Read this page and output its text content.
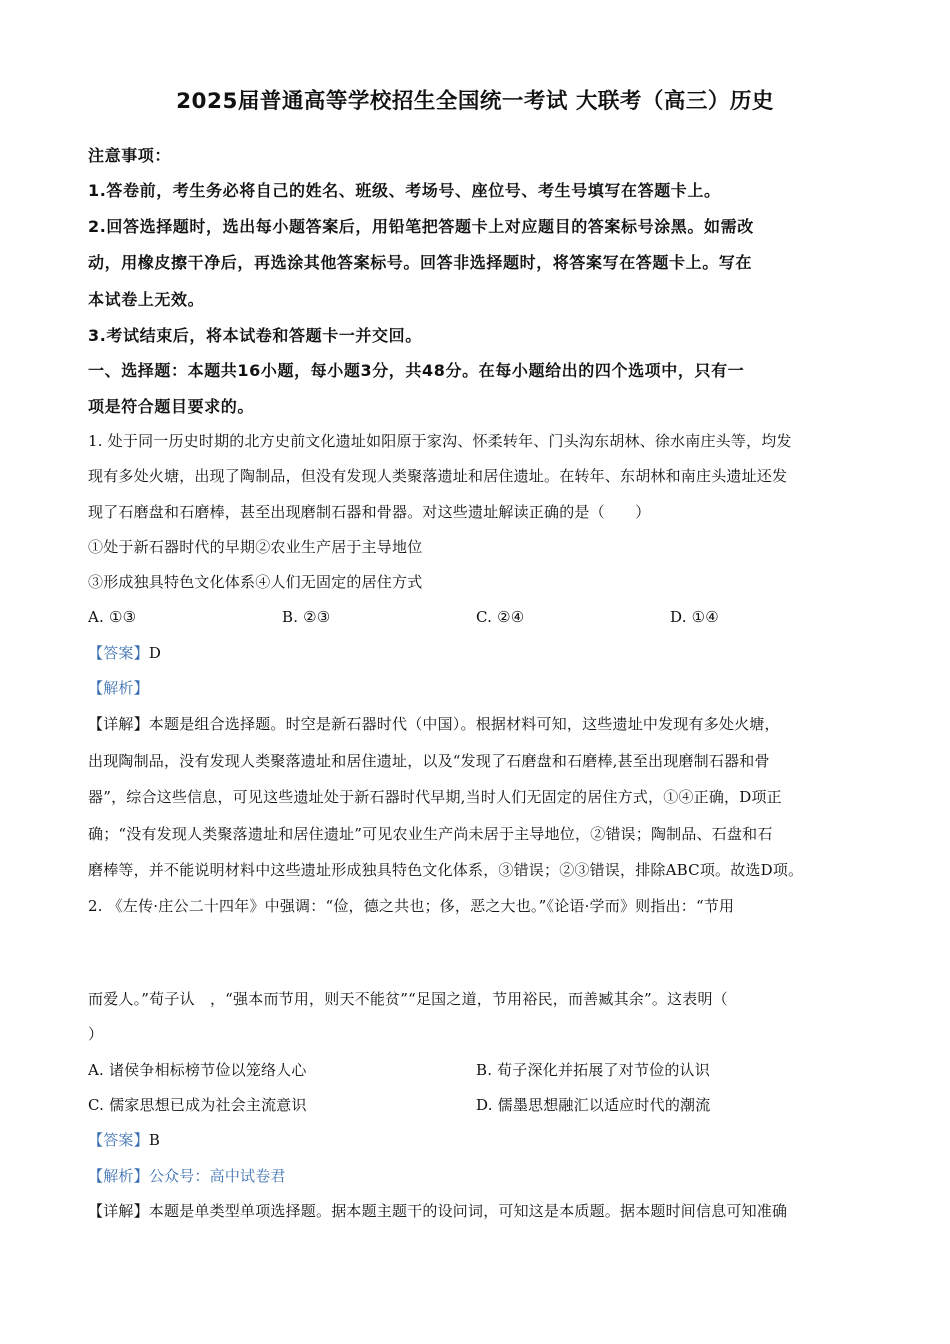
2025届普通高等学校招生全国统一考试 大联考（高三）历史
注意事项：
1.答卷前，考生务必将自己的姓名、班级、考场号、座位号、考生号填写在答题卡上。
2.回答选择题时，选出每小题答案后，用铅笔把答题卡上对应题目的答案标号涂黑。如需改
动，用橡皮擦干净后，再选涂其他答案标号。回答非选择题时，将答案写在答题卡上。写在
本试卷上无效。
3.考试结束后，将本试卷和答题卡一并交回。
一、选择题：本题共16小题，每小题3分，共48分。在每小题给出的四个选项中，只有一
项是符合题目要求的。
1. 处于同一历史时期的北方史前文化遗址如阳原于家沟、怀柔转年、门头沟东胡林、徐水南庄头等，均发
现有多处火塘，出现了陶制品，但没有发现人类聚落遗址和居住遗址。在转年、东胡林和南庄头遗址还发
现了石磨盘和石磨棒，甚至出现磨制石器和骨器。对这些遗址解读正确的是（　　）
①处于新石器时代的早期②农业生产居于主导地位
③形成独具特色文化体系④人们无固定的居住方式
A. ①③	B. ②③	C. ②④	D. ①④
【答案】D
【解析】
【详解】本题是组合选择题。时空是新石器时代（中国）。根据材料可知，这些遗址中发现有多处火塘，
出现陶制品，没有发现人类聚落遗址和居住遗址，以及“发现了石磨盘和石磨棒,甚至出现磨制石器和骨
器”，综合这些信息，可见这些遗址处于新石器时代早期,当时人们无固定的居住方式，①④正确，D项正
确；“没有发现人类聚落遗址和居住遗址”可见农业生产尚未居于主导地位，②错误；陶制品、石盘和石
磨棒等，并不能说明材料中这些遗址形成独具特色文化体系，③错误；②③错误，排除ABC项。故选D项。
2. 《左传·庄公二十四年》中强调：“俭，德之共也；侈，恶之大也。”《论语·学而》则指出：“节用
而爱人。”荀子认　，“强本而节用，则天不能贫”“足国之道，节用裕民，而善臧其余”。这表明（
）
A. 诸侯争相标榜节俭以笼络人心	B. 荀子深化并拓展了对节俭的认识
C. 儒家思想已成为社会主流意识	D. 儒墨思想融汇以适应时代的潮流
【答案】B
【解析】公众号：高中试卷君
【详解】本题是单类型单项选择题。据本题主题干的设问词，可知这是本质题。据本题时间信息可知准确
